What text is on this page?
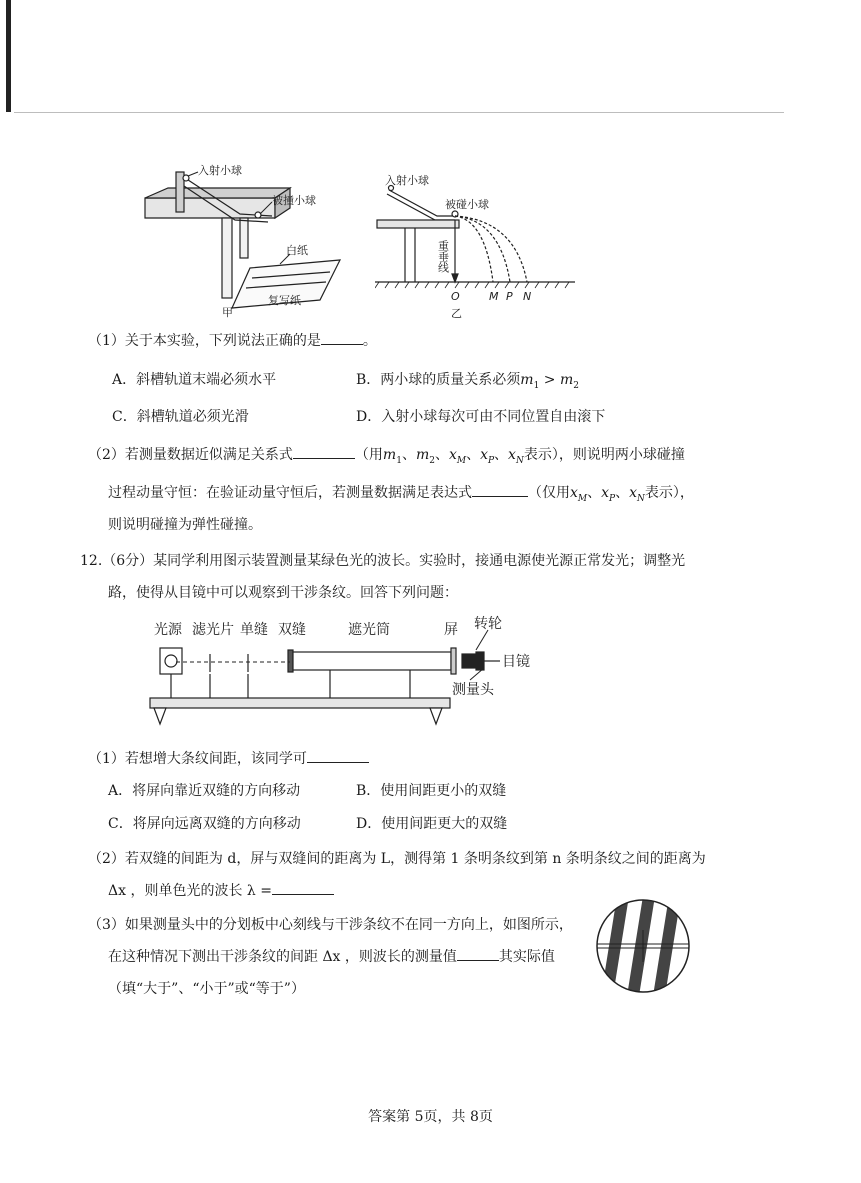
入射小球
被撞小球
白纸
复写纸
甲
入射小球
被碰小球
重垂线
O	M P N
乙
（1）关于本实验，下列说法正确的是	。
A．斜槽轨道末端必须水平	B．两小球的质量关系必须$m_1 > m_2$
C．斜槽轨道必须光滑	D．入射小球每次可由不同位置自由滚下
（2）若测量数据近似满足关系式	（用$m_1$、$m_2$、$x_M$、$x_P$、$x_N$表示），则说明两小球碰撞
过程动量守恒：在验证动量守恒后，若测量数据满足表达式	（仅用$x_M$、$x_P$、$x_N$表示），
则说明碰撞为弹性碰撞。
12.（6分）某同学利用图示装置测量某绿色光的波长。实验时，接通电源使光源正常发光；调整光
路，使得从目镜中可以观察到干涉条纹。回答下列问题：
光源 滤光片 单缝 双缝	遮光筒	屏 转轮
目镜
测量头
（1）若想增大条纹间距，该同学可
A．将屏向靠近双缝的方向移动	B．使用间距更小的双缝
C．将屏向远离双缝的方向移动	D．使用间距更大的双缝
（2）若双缝的间距为 d，屏与双缝间的距离为 L，测得第 1 条明条纹到第 n 条明条纹之间的距离为
Δx ，则单色光的波长 λ =
（3）如果测量头中的分划板中心刻线与干涉条纹不在同一方向上，如图所示，
在这种情况下测出干涉条纹的间距 Δx ，则波长的测量值	其实际值
（填“大于”、“小于”或“等于”）
答案第 5页，共 8页
